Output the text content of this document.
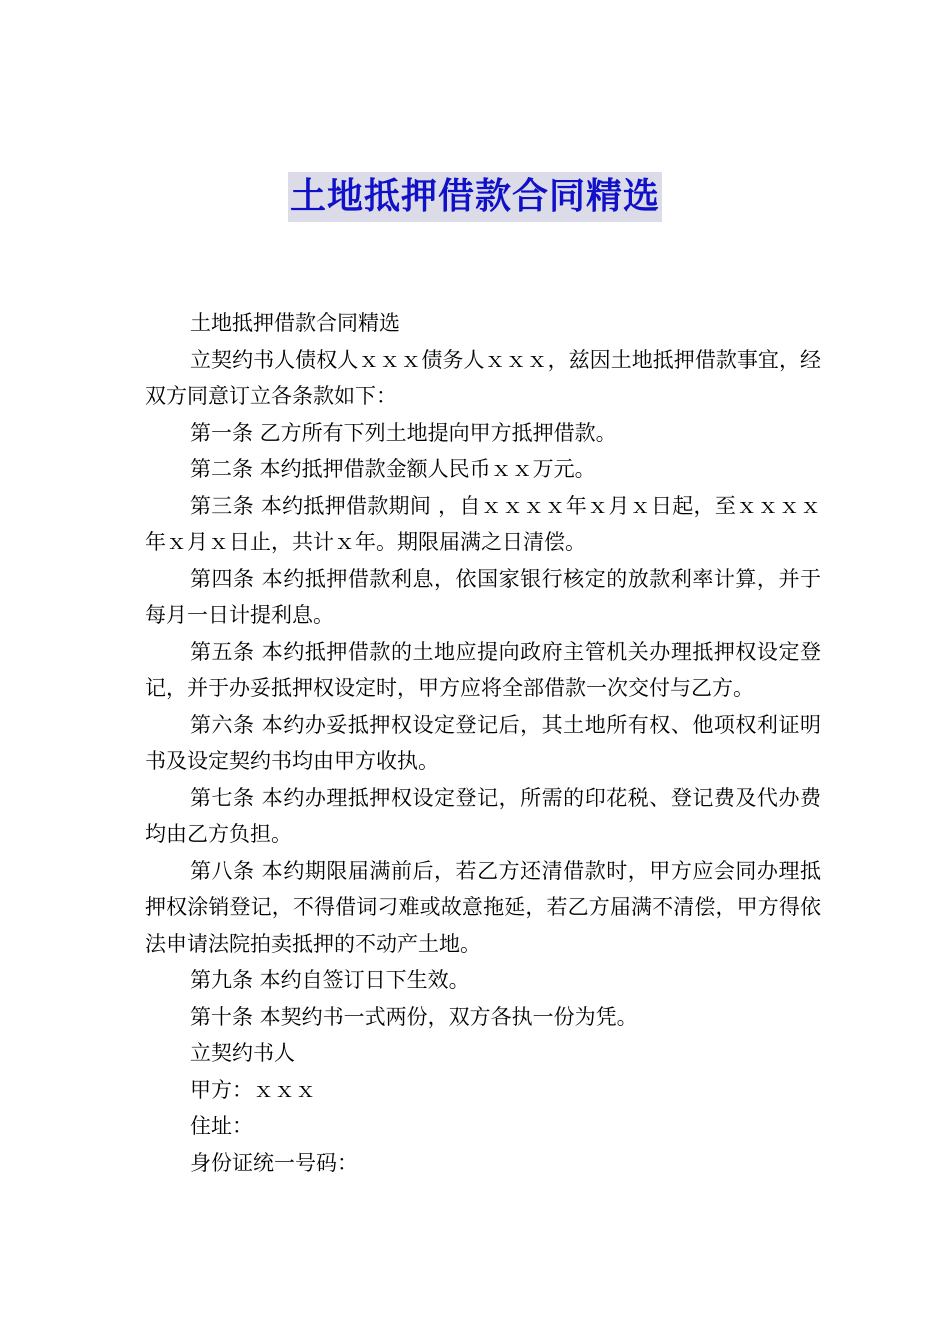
土地抵押借款合同精选

土地抵押借款合同精选

立契约书人债权人ｘｘｘ债务人ｘｘｘ，兹因土地抵押借款事宜，经双方同意订立各条款如下：

第一条 乙方所有下列土地提向甲方抵押借款。

第二条 本约抵押借款金额人民币ｘｘ万元。

第三条 本约抵押借款期间 ，自ｘｘｘｘ年ｘ月ｘ日起，至ｘｘｘｘ年ｘ月ｘ日止，共计ｘ年。期限届满之日清偿。

第四条 本约抵押借款利息，依国家银行核定的放款利率计算，并于每月一日计提利息。

第五条 本约抵押借款的土地应提向政府主管机关办理抵押权设定登记，并于办妥抵押权设定时，甲方应将全部借款一次交付与乙方。

第六条 本约办妥抵押权设定登记后，其土地所有权、他项权利证明书及设定契约书均由甲方收执。

第七条 本约办理抵押权设定登记，所需的印花税、登记费及代办费均由乙方负担。

第八条 本约期限届满前后，若乙方还清借款时，甲方应会同办理抵押权涂销登记，不得借词刁难或故意拖延，若乙方届满不清偿，甲方得依法申请法院拍卖抵押的不动产土地。

第九条 本约自签订日下生效。

第十条 本契约书一式两份，双方各执一份为凭。

立契约书人

甲方：ｘｘｘ

住址：

身份证统一号码：
